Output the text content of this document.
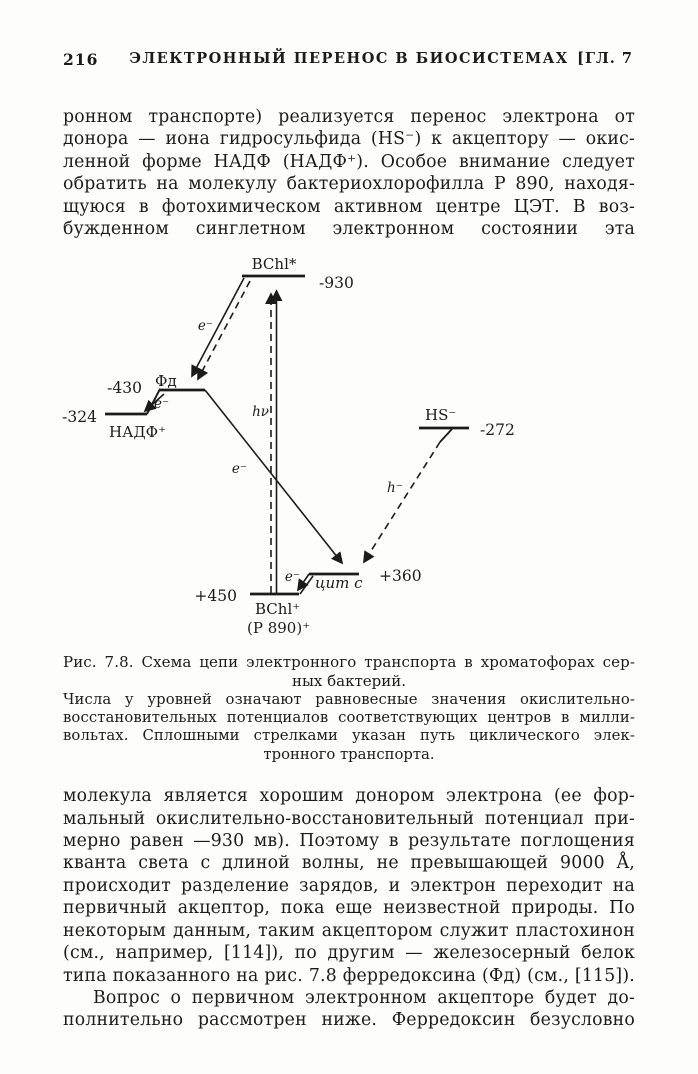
216	ЭЛЕКТРОННЫЙ ПЕРЕНОС В БИОСИСТЕМАХ [ГЛ. 7
ронном транспорте) реализуется перенос электрона от
донора — иона гидросульфида (HS⁻) к акцептору — окис-
ленной форме НАДФ (НАДФ⁺). Особое внимание следует
обратить на молекулу бактериохлорофилла Р 890, находя-
щуюся в фотохимическом активном центре ЦЭТ. В воз-
бужденном синглетном электронном состоянии эта
BChl*
-930
e⁻
hν
Фд
-430
e⁻
-324
НАДФ⁺
HS⁻
-272
e⁻
h⁻
e⁻ цит c +360
+450
BChl⁺
(Р 890)⁺
Рис. 7.8. Схема цепи электронного транспорта в хроматофорах сер-
ных бактерий.
Числа у уровней означают равновесные значения окислительно-
восстановительных потенциалов соответствующих центров в милли-
вольтах. Сплошными стрелками указан путь циклического элек-
тронного транспорта.
молекула является хорошим донором электрона (ее фор-
мальный окислительно-восстановительный потенциал при-
мерно равен —930 мв). Поэтому в результате поглощения
кванта света с длиной волны, не превышающей 9000 Å,
происходит разделение зарядов, и электрон переходит на
первичный акцептор, пока еще неизвестной природы. По
некоторым данным, таким акцептором служит пластохинон
(см., например, [114]), по другим — железосерный белок
типа показанного на рис. 7.8 ферредоксина (Фд) (см., [115]).
Вопрос о первичном электронном акцепторе будет до-
полнительно рассмотрен ниже. Ферредоксин безусловно
